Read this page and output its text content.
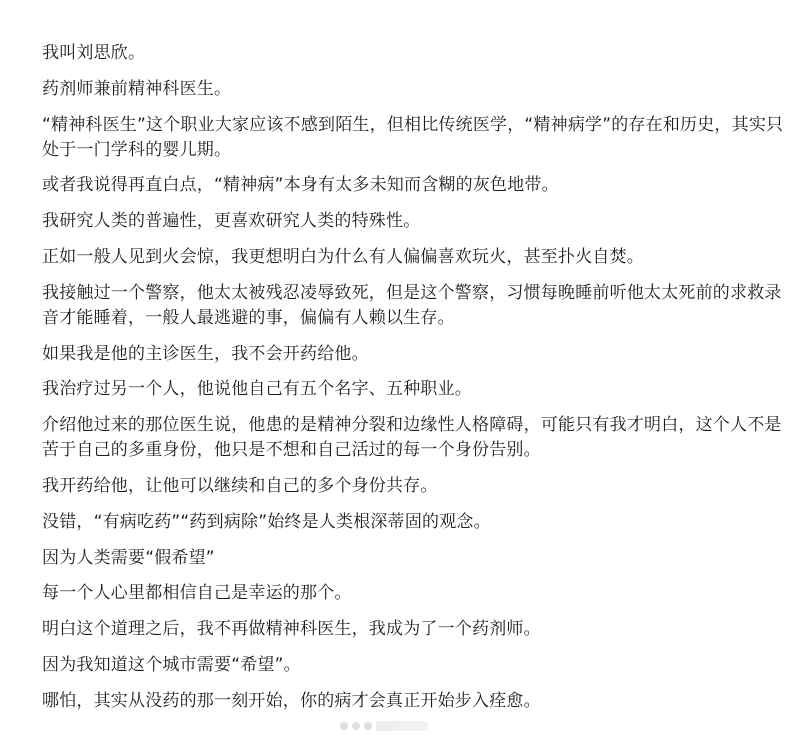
我叫刘思欣。

药剂师兼前精神科医生。

“精神科医生”这个职业大家应该不感到陌生，但相比传统医学，“精神病学”的存在和历史，其实只处于一门学科的婴儿期。

或者我说得再直白点，“精神病”本身有太多未知而含糊的灰色地带。

我研究人类的普遍性，更喜欢研究人类的特殊性。

正如一般人见到火会惊，我更想明白为什么有人偏偏喜欢玩火，甚至扑火自焚。

我接触过一个警察，他太太被残忍凌辱致死，但是这个警察，习惯每晚睡前听他太太死前的求救录音才能睡着，一般人最逃避的事，偏偏有人赖以生存。

如果我是他的主诊医生，我不会开药给他。

我治疗过另一个人，他说他自己有五个名字、五种职业。

介绍他过来的那位医生说，他患的是精神分裂和边缘性人格障碍，可能只有我才明白，这个人不是苦于自己的多重身份，他只是不想和自己活过的每一个身份告别。

我开药给他，让他可以继续和自己的多个身份共存。

没错，“有病吃药”“药到病除”始终是人类根深蒂固的观念。

因为人类需要“假希望”

每一个人心里都相信自己是幸运的那个。

明白这个道理之后，我不再做精神科医生，我成为了一个药剂师。

因为我知道这个城市需要“希望”。

哪怕，其实从没药的那一刻开始，你的病才会真正开始步入痊愈。
